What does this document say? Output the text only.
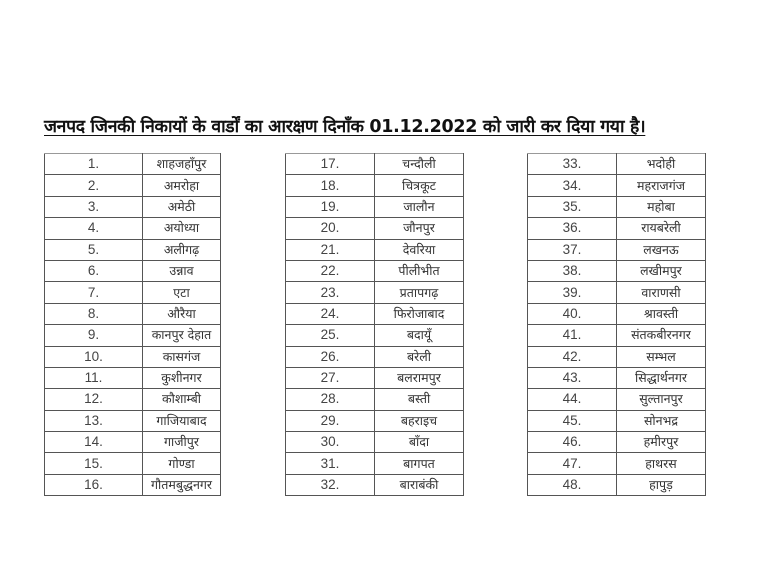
जनपद जिनकी निकायों के वार्डों का आरक्षण दिनाँक 01.12.2022 को जारी कर दिया गया है।
1.	शाहजहाँपुर
2.	अमरोहा
3.	अमेठी
4.	अयोध्या
5.	अलीगढ़
6.	उन्नाव
7.	एटा
8.	औरैया
9.	कानपुर देहात
10.	कासगंज
11.	कुशीनगर
12.	कौशाम्बी
13.	गाजियाबाद
14.	गाजीपुर
15.	गोण्डा
16.	गौतमबुद्धनगर
17.	चन्दौली
18.	चित्रकूट
19.	जालौन
20.	जौनपुर
21.	देवरिया
22.	पीलीभीत
23.	प्रतापगढ़
24.	फिरोजाबाद
25.	बदायूँ
26.	बरेली
27.	बलरामपुर
28.	बस्ती
29.	बहराइच
30.	बाँदा
31.	बागपत
32.	बाराबंकी
33.	भदोही
34.	महराजगंज
35.	महोबा
36.	रायबरेली
37.	लखनऊ
38.	लखीमपुर
39.	वाराणसी
40.	श्रावस्ती
41.	संतकबीरनगर
42.	सम्भल
43.	सिद्धार्थनगर
44.	सुल्तानपुर
45.	सोनभद्र
46.	हमीरपुर
47.	हाथरस
48.	हापुड़
